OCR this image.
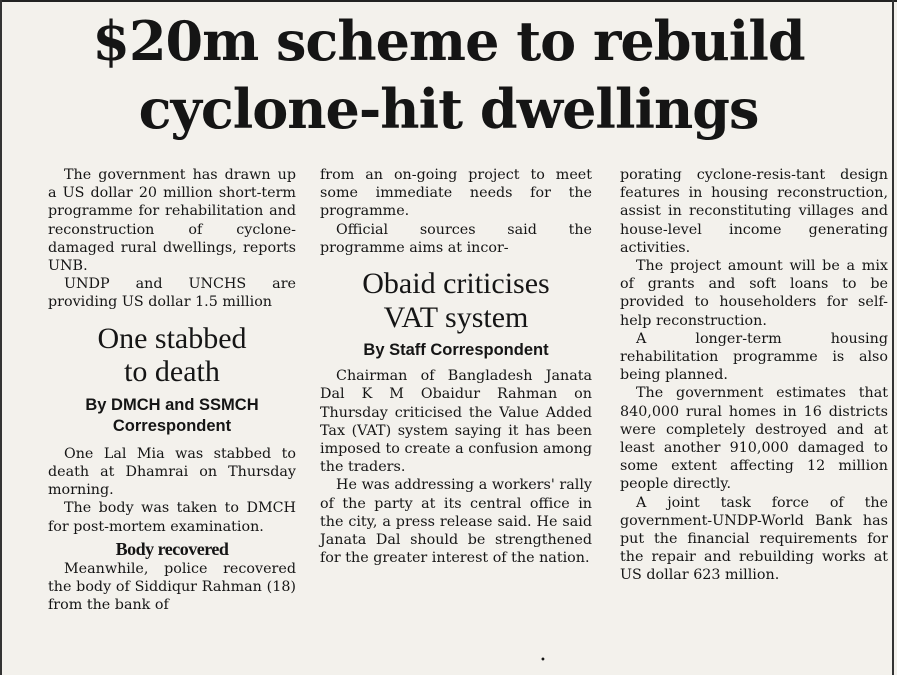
$20m scheme to rebuild
cyclone-hit dwellings

The government has drawn up a US dollar 20 million short-term programme for rehabilitation and reconstruction of cyclone-damaged rural dwellings, reports UNB.

UNDP and UNCHS are providing US dollar 1.5 million

One stabbed
to death
By DMCH and SSMCH
Correspondent

One Lal Mia was stabbed to death at Dhamrai on Thursday morning.

The body was taken to DMCH for post-mortem examination.

Body recovered

Meanwhile, police recovered the body of Siddiqur Rahman (18) from the bank of

from an on-going project to meet some immediate needs for the programme.

Official sources said the programme aims at incor-

Obaid criticises
VAT system
By Staff Correspondent

Chairman of Bangladesh Janata Dal K M Obaidur Rahman on Thursday criticised the Value Added Tax (VAT) system saying it has been imposed to create a confusion among the traders.

He was addressing a workers' rally of the party at its central office in the city, a press release said. He said Janata Dal should be strengthened for the greater interest of the nation.

porating cyclone-resis-tant design features in housing reconstruction, assist in reconstituting villages and house-level income generating activities.

The project amount will be a mix of grants and soft loans to be provided to householders for self-help reconstruction.

A longer-term housing rehabilitation programme is also being planned.

The government estimates that 840,000 rural homes in 16 districts were completely destroyed and at least another 910,000 damaged to some extent affecting 12 million people directly.

A joint task force of the government-UNDP-World Bank has put the financial requirements for the repair and rebuilding works at US dollar 623 million.

•
